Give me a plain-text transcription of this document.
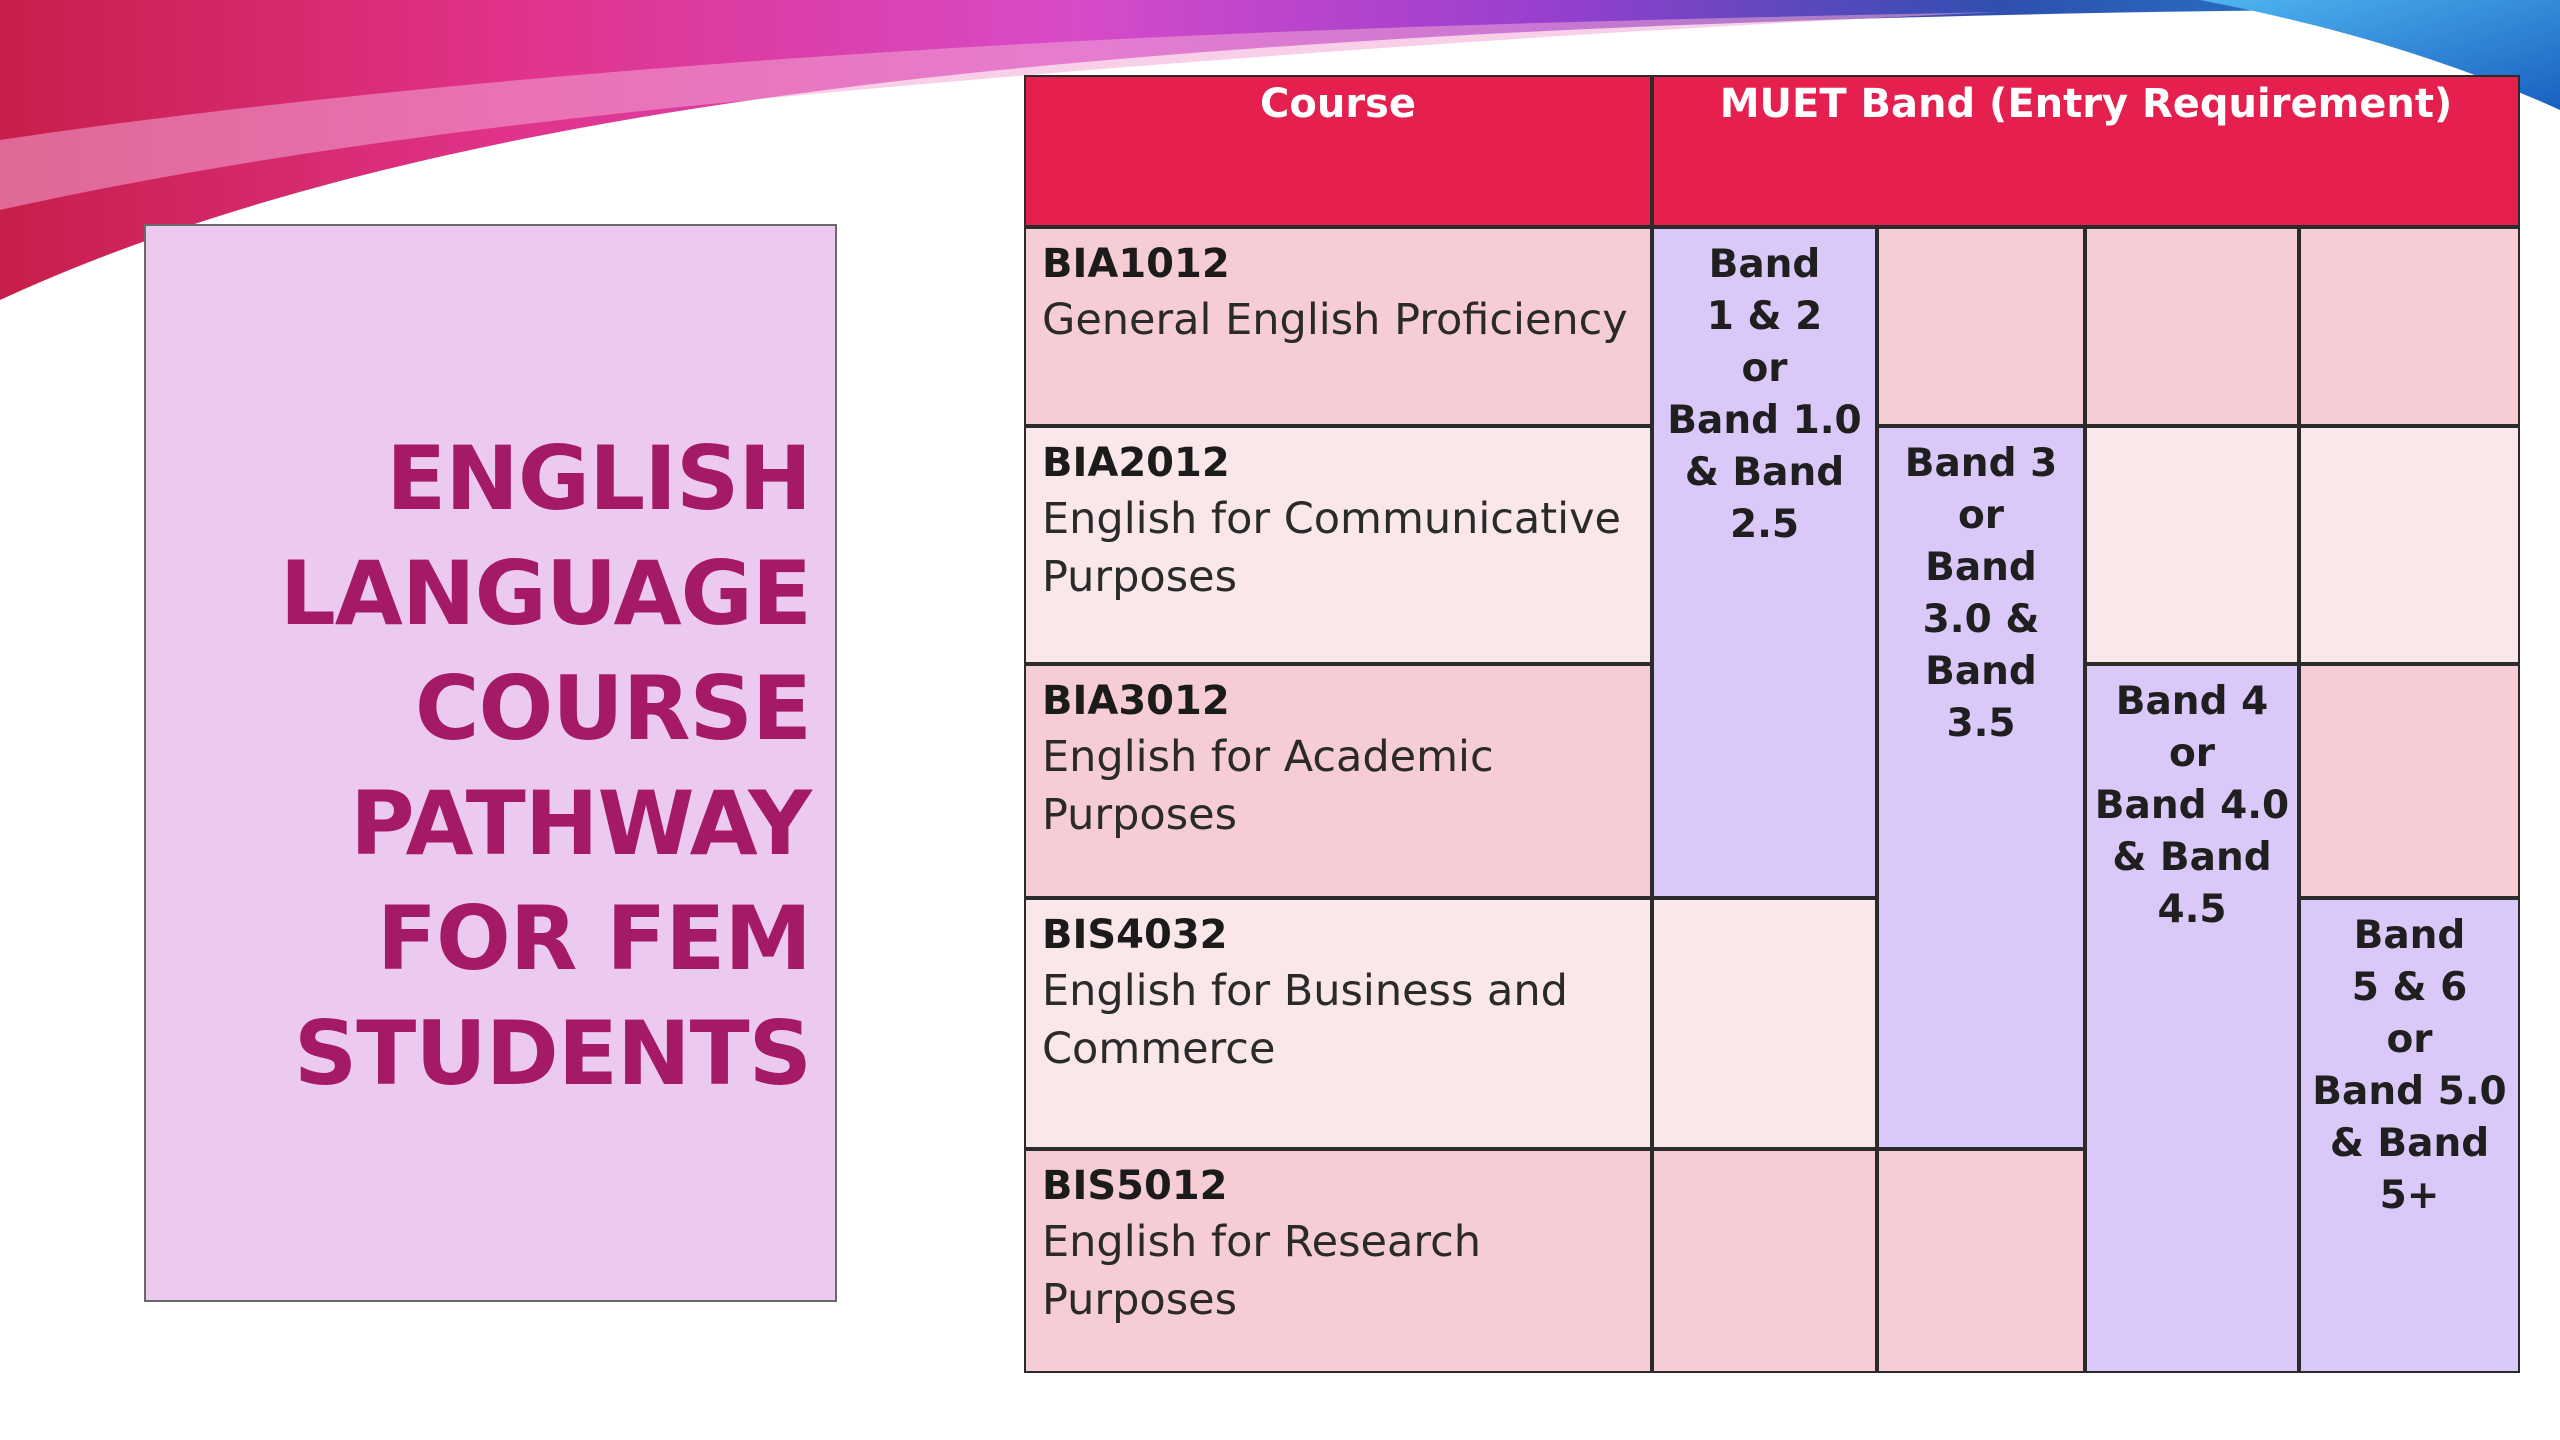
ENGLISH
LANGUAGE
COURSE
PATHWAY
FOR FEM
STUDENTS
Course	MUET Band (Entry Requirement)
BIA1012
General English Proficiency
BIA2012
English for Communicative Purposes
BIA3012
English for Academic Purposes
BIS4032
English for Business and Commerce
BIS5012
English for Research Purposes
Band
1 & 2
or
Band 1.0
& Band
2.5
Band 3
or
Band
3.0 &
Band
3.5	Band 4
or
Band 4.0
& Band
4.5
Band
5 & 6
or
Band 5.0
& Band
5+
